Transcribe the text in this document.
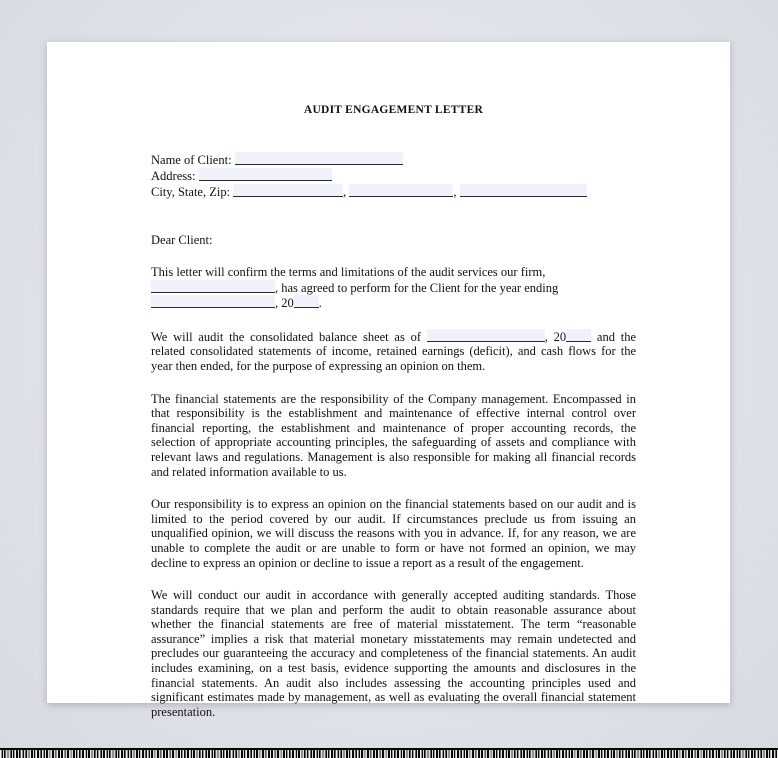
AUDIT ENGAGEMENT LETTER
Name of Client:
Address:
City, State, Zip:	,	,
Dear Client:

This letter will confirm the terms and limitations of the audit services our firm,
, has agreed to perform for the Client for the year ending
, 20 .

We will audit the consolidated balance sheet as of	, 20 and the related consolidated statements of income, retained earnings (deficit), and cash flows for the year then ended, for the purpose of expressing an opinion on them.

The financial statements are the responsibility of the Company management. Encompassed in that responsibility is the establishment and maintenance of effective internal control over financial reporting, the establishment and maintenance of proper accounting records, the selection of appropriate accounting principles, the safeguarding of assets and compliance with relevant laws and regulations. Management is also responsible for making all financial records and related information available to us.

Our responsibility is to express an opinion on the financial statements based on our audit and is limited to the period covered by our audit. If circumstances preclude us from issuing an unqualified opinion, we will discuss the reasons with you in advance. If, for any reason, we are unable to complete the audit or are unable to form or have not formed an opinion, we may decline to express an opinion or decline to issue a report as a result of the engagement.

We will conduct our audit in accordance with generally accepted auditing standards. Those standards require that we plan and perform the audit to obtain reasonable assurance about whether the financial statements are free of material misstatement. The term “reasonable assurance” implies a risk that material monetary misstatements may remain undetected and precludes our guaranteeing the accuracy and completeness of the financial statements. An audit includes examining, on a test basis, evidence supporting the amounts and disclosures in the financial statements. An audit also includes assessing the accounting principles used and significant estimates made by management, as well as evaluating the overall financial statement presentation.
